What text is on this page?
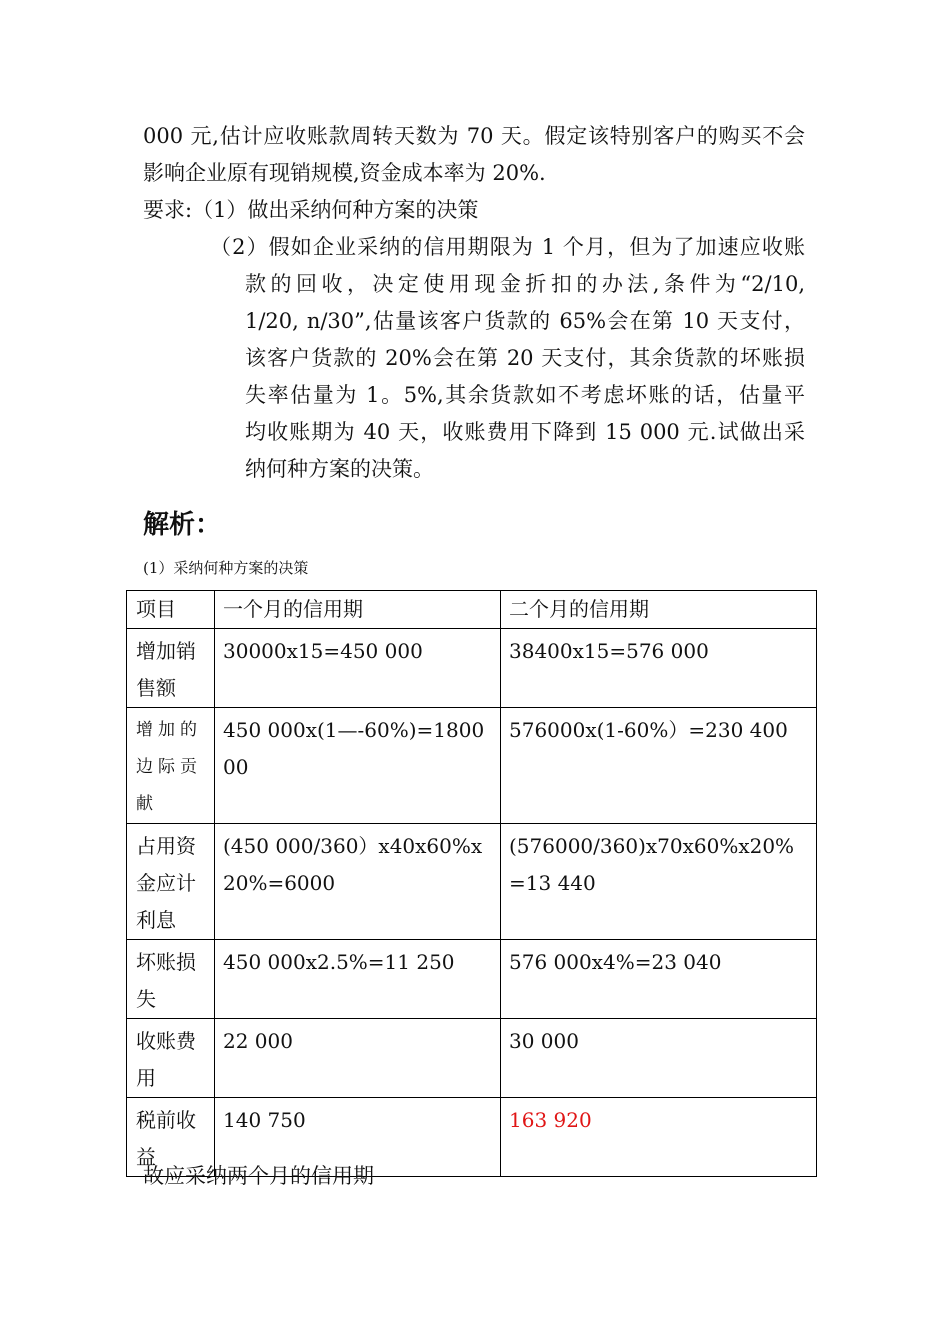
000 元,估计应收账款周转天数为 70 天。假定该特别客户的购买不会
影响企业原有现销规模,资金成本率为 20%.
要求:（1）做出采纳何种方案的决策
（2）假如企业采纳的信用期限为 1 个月，但为了加速应收账
款的回收，决定使用现金折扣的办法,条件为“2/10,
1/20, n/30”,估量该客户货款的 65%会在第 10 天支付，
该客户货款的 20%会在第 20 天支付，其余货款的坏账损
失率估量为 1。5%,其余货款如不考虑坏账的话，估量平
均收账期为 40 天，收账费用下降到 15 000 元.试做出采
纳何种方案的决策。
解析：
(1）采纳何种方案的决策
项目	一个月的信用期	二个月的信用期
增加销售额	30000x15=450 000	38400x15=576 000
增加的边际贡献	450 000x(1—-60%)=180000	576000x(1-60%）=230 400
占用资金应计利息	(450 000/360）x40x60%x20%=6000	(576000/360)x70x60%x20%=13 440
坏账损失	450 000x2.5%=11 250	576 000x4%=23 040
收账费用	22 000	30 000
税前收益	140 750	163 920
故应采纳两个月的信用期
